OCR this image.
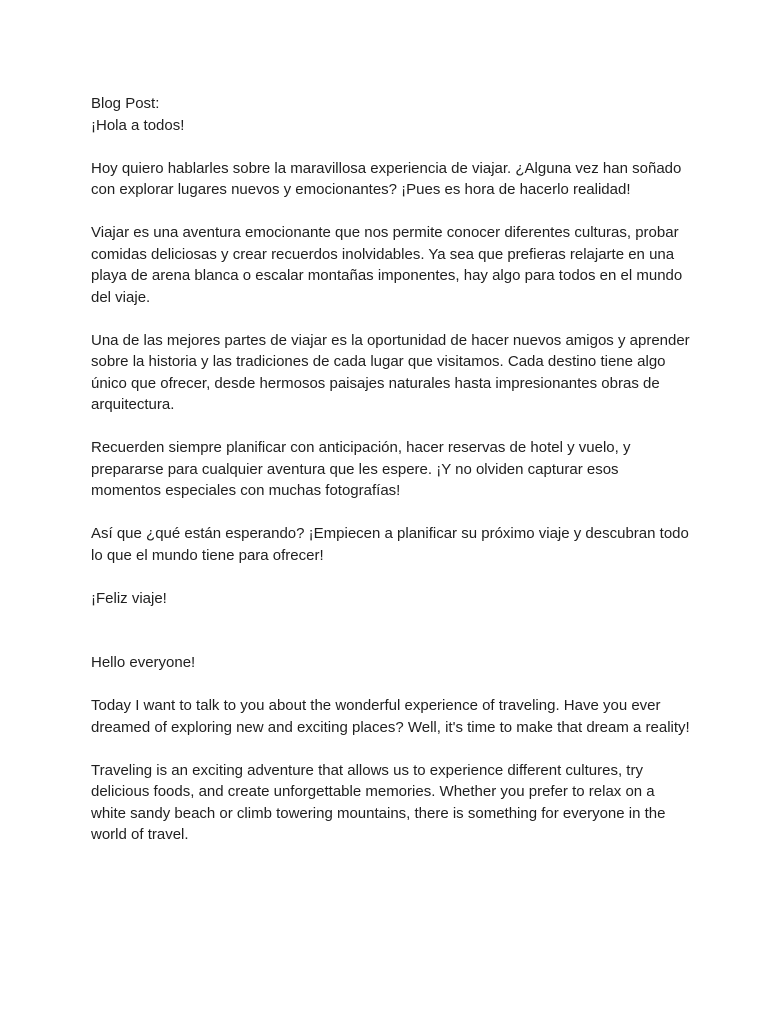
Blog Post:

¡Hola a todos!

Hoy quiero hablarles sobre la maravillosa experiencia de viajar. ¿Alguna vez han soñado con explorar lugares nuevos y emocionantes? ¡Pues es hora de hacerlo realidad!

Viajar es una aventura emocionante que nos permite conocer diferentes culturas, probar comidas deliciosas y crear recuerdos inolvidables. Ya sea que prefieras relajarte en una playa de arena blanca o escalar montañas imponentes, hay algo para todos en el mundo del viaje.

Una de las mejores partes de viajar es la oportunidad de hacer nuevos amigos y aprender sobre la historia y las tradiciones de cada lugar que visitamos. Cada destino tiene algo único que ofrecer, desde hermosos paisajes naturales hasta impresionantes obras de arquitectura.

Recuerden siempre planificar con anticipación, hacer reservas de hotel y vuelo, y prepararse para cualquier aventura que les espere. ¡Y no olviden capturar esos momentos especiales con muchas fotografías!

Así que ¿qué están esperando? ¡Empiecen a planificar su próximo viaje y descubran todo lo que el mundo tiene para ofrecer!

¡Feliz viaje!

Hello everyone!

Today I want to talk to you about the wonderful experience of traveling. Have you ever dreamed of exploring new and exciting places? Well, it's time to make that dream a reality!

Traveling is an exciting adventure that allows us to experience different cultures, try delicious foods, and create unforgettable memories. Whether you prefer to relax on a white sandy beach or climb towering mountains, there is something for everyone in the world of travel.
